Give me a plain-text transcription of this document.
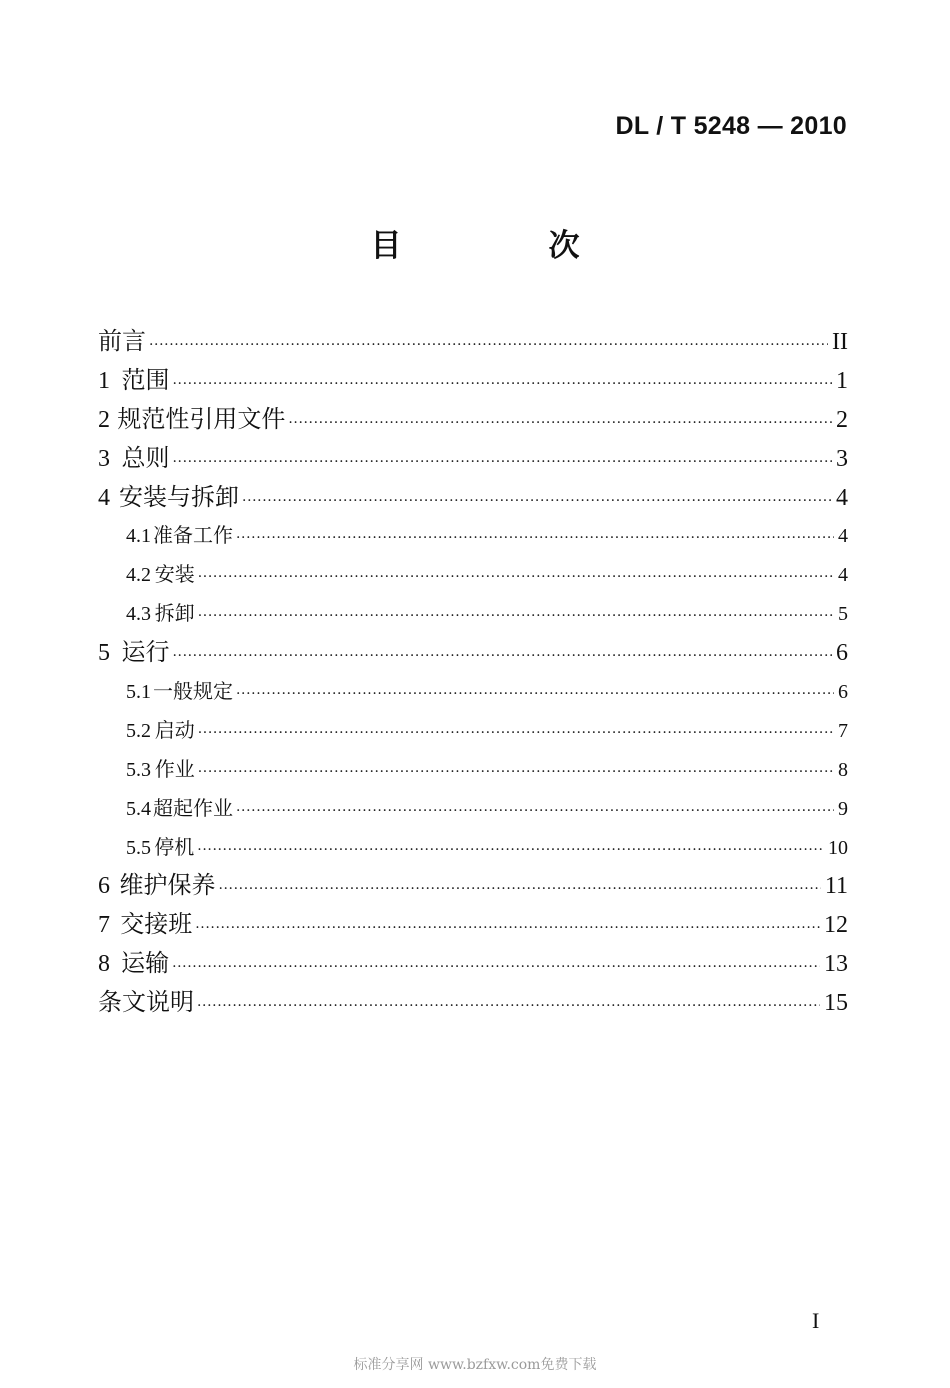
DL / T 5248 — 2010
目　次
前言 ·····	II
1 范围 ·····	1
2 规范性引用文件 ·····	2
3 总则 ·····	3
4 安装与拆卸 ·····	4
4.1 准备工作 ·····	4
4.2 安装 ·····	4
4.3 拆卸 ·····	5
5 运行 ·····	6
5.1 一般规定 ·····	6
5.2 启动 ·····	7
5.3 作业 ·····	8
5.4 超起作业 ·····	9
5.5 停机 ·····	10
6 维护保养 ·····	11
7 交接班 ·····	12
8 运输 ·····	13
条文说明 ·····	15
I
标准分享网 www.bzfxw.com免费下载
